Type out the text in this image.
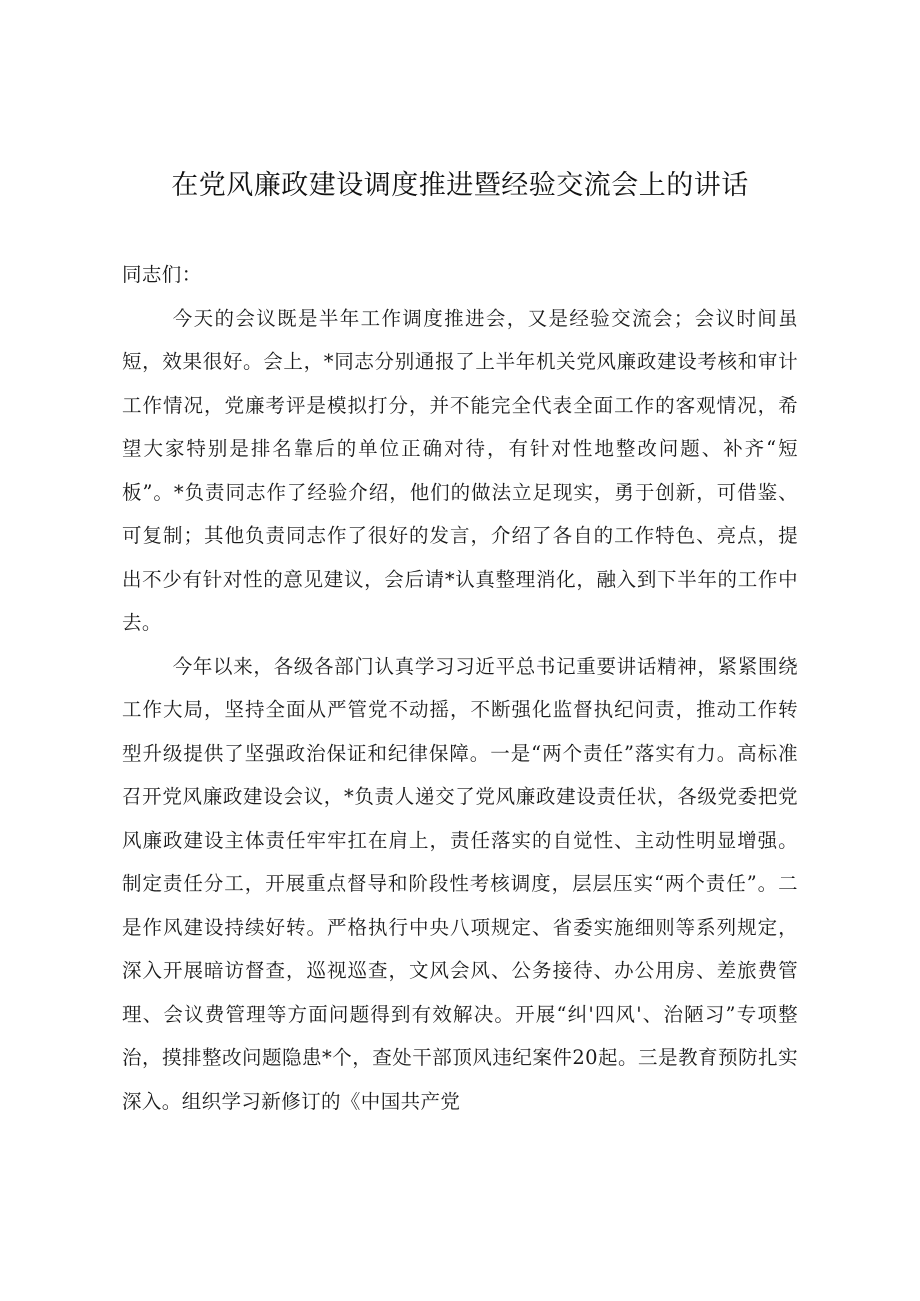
在党风廉政建设调度推进暨经验交流会上的讲话

同志们：

今天的会议既是半年工作调度推进会，又是经验交流会；会议时间虽短，效果很好。会上，*同志分别通报了上半年机关党风廉政建设考核和审计工作情况，党廉考评是模拟打分，并不能完全代表全面工作的客观情况，希望大家特别是排名靠后的单位正确对待，有针对性地整改问题、补齐“短板”。*负责同志作了经验介绍，他们的做法立足现实，勇于创新，可借鉴、可复制；其他负责同志作了很好的发言，介绍了各自的工作特色、亮点，提出不少有针对性的意见建议，会后请*认真整理消化，融入到下半年的工作中去。

今年以来，各级各部门认真学习习近平总书记重要讲话精神，紧紧围绕工作大局，坚持全面从严管党不动摇，不断强化监督执纪问责，推动工作转型升级提供了坚强政治保证和纪律保障。一是“两个责任”落实有力。高标准召开党风廉政建设会议，*负责人递交了党风廉政建设责任状，各级党委把党风廉政建设主体责任牢牢扛在肩上，责任落实的自觉性、主动性明显增强。制定责任分工，开展重点督导和阶段性考核调度，层层压实“两个责任”。二是作风建设持续好转。严格执行中央八项规定、省委实施细则等系列规定，深入开展暗访督查，巡视巡查，文风会风、公务接待、办公用房、差旅费管理、会议费管理等方面问题得到有效解决。开展“纠'四风'、治陋习”专项整治，摸排整改问题隐患*个，查处干部顶风违纪案件20起。三是教育预防扎实深入。组织学习新修订的《中国共产党
